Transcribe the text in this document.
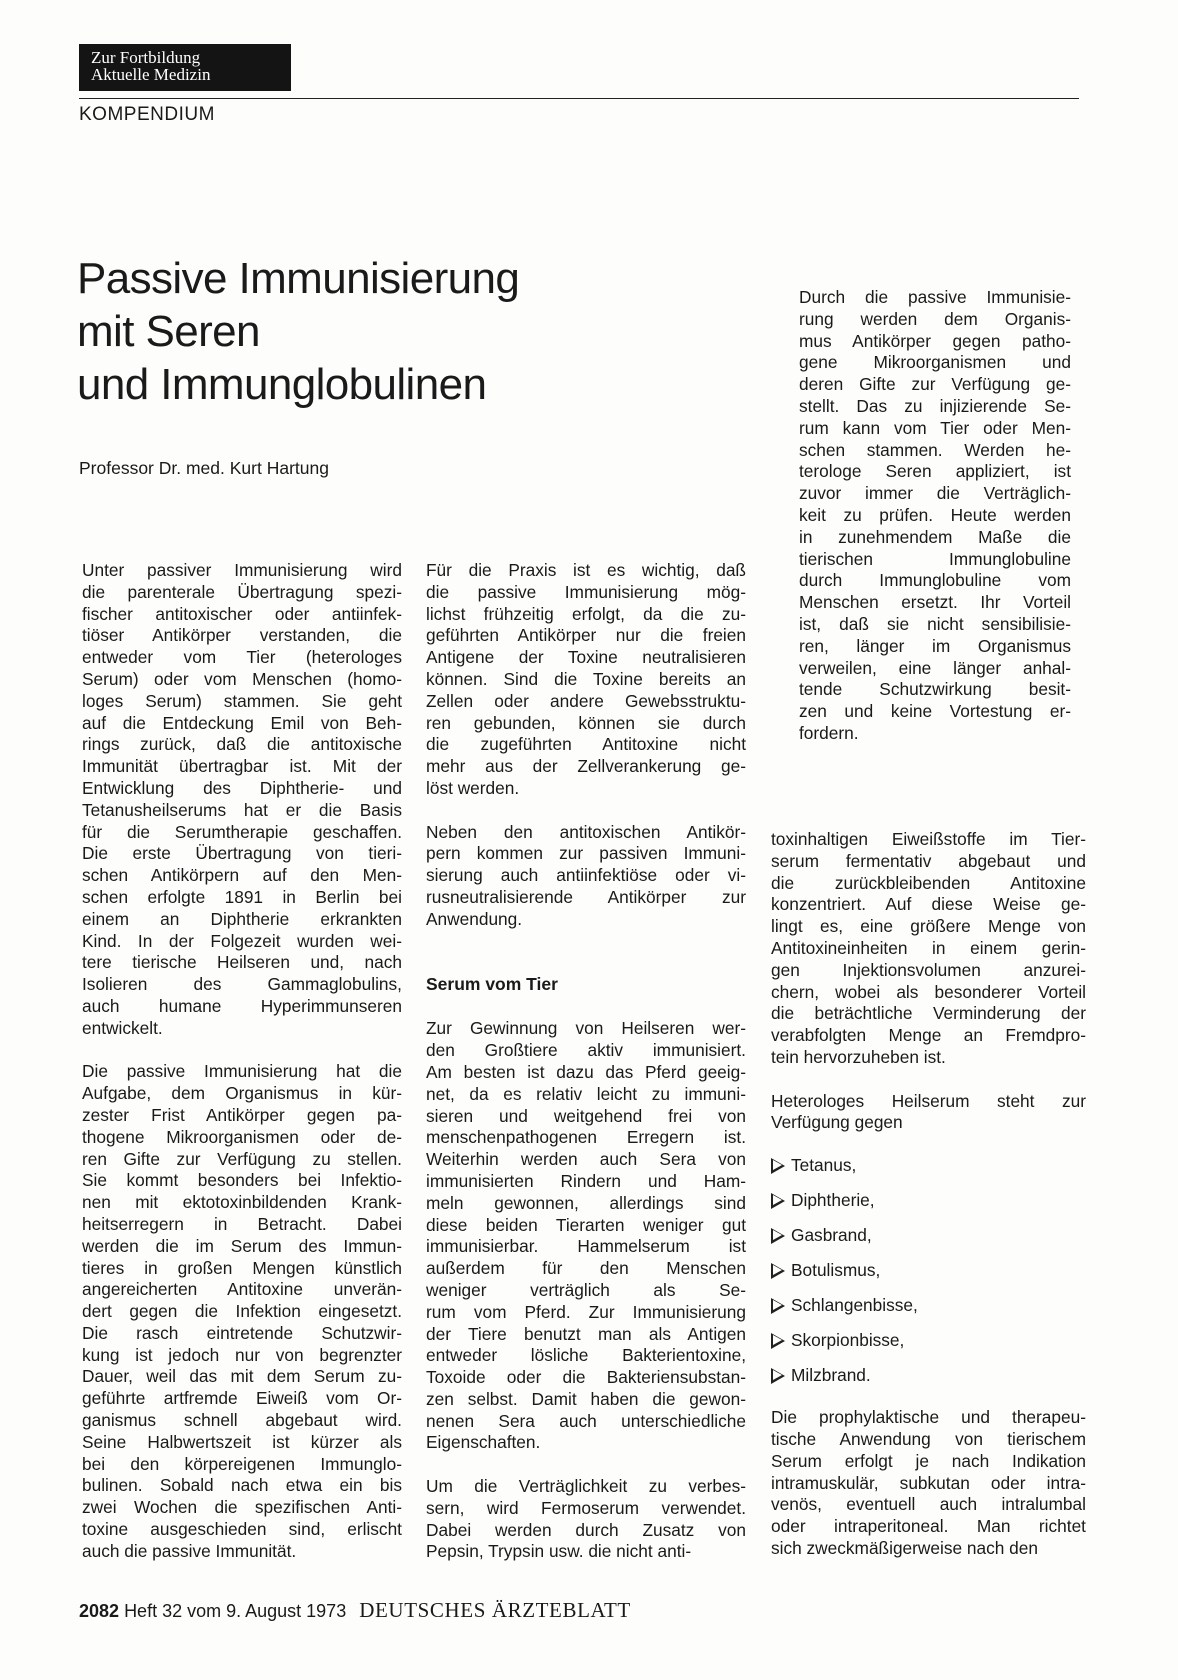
Zur Fortbildung
Aktuelle Medizin
KOMPENDIUM
Passive Immunisierung
mit Seren
und Immunglobulinen
Professor Dr. med. Kurt Hartung

Durch die passive Immunisie-
rung werden dem Organis-
mus Antikörper gegen patho-
gene Mikroorganismen und
deren Gifte zur Verfügung ge-
stellt. Das zu injizierende Se-
rum kann vom Tier oder Men-
schen stammen. Werden he-
terologe Seren appliziert, ist
zuvor immer die Verträglich-
keit zu prüfen. Heute werden
in zunehmendem Maße die
tierischen Immunglobuline
durch Immunglobuline vom
Menschen ersetzt. Ihr Vorteil
ist, daß sie nicht sensibilisie-
ren, länger im Organismus
verweilen, eine länger anhal-
tende Schutzwirkung besit-
zen und keine Vortestung er-
fordern.

Unter passiver Immunisierung wird
die parenterale Übertragung spezi-
fischer antitoxischer oder antiinfek-
tiöser Antikörper verstanden, die
entweder vom Tier (heterologes
Serum) oder vom Menschen (homo-
loges Serum) stammen. Sie geht
auf die Entdeckung Emil von Beh-
rings zurück, daß die antitoxische
Immunität übertragbar ist. Mit der
Entwicklung des Diphtherie- und
Tetanusheilserums hat er die Basis
für die Serumtherapie geschaffen.
Die erste Übertragung von tieri-
schen Antikörpern auf den Men-
schen erfolgte 1891 in Berlin bei
einem an Diphtherie erkrankten
Kind. In der Folgezeit wurden wei-
tere tierische Heilseren und, nach
Isolieren des Gammaglobulins,
auch humane Hyperimmunseren
entwickelt.

Die passive Immunisierung hat die
Aufgabe, dem Organismus in kür-
zester Frist Antikörper gegen pa-
thogene Mikroorganismen oder de-
ren Gifte zur Verfügung zu stellen.
Sie kommt besonders bei Infektio-
nen mit ektotoxinbildenden Krank-
heitserregern in Betracht. Dabei
werden die im Serum des Immun-
tieres in großen Mengen künstlich
angereicherten Antitoxine unverän-
dert gegen die Infektion eingesetzt.
Die rasch eintretende Schutzwir-
kung ist jedoch nur von begrenzter
Dauer, weil das mit dem Serum zu-
geführte artfremde Eiweiß vom Or-
ganismus schnell abgebaut wird.
Seine Halbwertszeit ist kürzer als
bei den körpereigenen Immunglo-
bulinen. Sobald nach etwa ein bis
zwei Wochen die spezifischen Anti-
toxine ausgeschieden sind, erlischt
auch die passive Immunität.

Für die Praxis ist es wichtig, daß
die passive Immunisierung mög-
lichst frühzeitig erfolgt, da die zu-
geführten Antikörper nur die freien
Antigene der Toxine neutralisieren
können. Sind die Toxine bereits an
Zellen oder andere Gewebsstruktu-
ren gebunden, können sie durch
die zugeführten Antitoxine nicht
mehr aus der Zellverankerung ge-
löst werden.

Neben den antitoxischen Antikör-
pern kommen zur passiven Immuni-
sierung auch antiinfektiöse oder vi-
rusneutralisierende Antikörper zur
Anwendung.

Serum vom Tier

Zur Gewinnung von Heilseren wer-
den Großtiere aktiv immunisiert.
Am besten ist dazu das Pferd geeig-
net, da es relativ leicht zu immuni-
sieren und weitgehend frei von
menschenpathogenen Erregern ist.
Weiterhin werden auch Sera von
immunisierten Rindern und Ham-
meln gewonnen, allerdings sind
diese beiden Tierarten weniger gut
immunisierbar. Hammelserum ist
außerdem für den Menschen
weniger verträglich als Se-
rum vom Pferd. Zur Immunisierung
der Tiere benutzt man als Antigen
entweder lösliche Bakterientoxine,
Toxoide oder die Bakteriensubstan-
zen selbst. Damit haben die gewon-
nenen Sera auch unterschiedliche
Eigenschaften.

Um die Verträglichkeit zu verbes-
sern, wird Fermoserum verwendet.
Dabei werden durch Zusatz von
Pepsin, Trypsin usw. die nicht anti-

toxinhaltigen Eiweißstoffe im Tier-
serum fermentativ abgebaut und
die zurückbleibenden Antitoxine
konzentriert. Auf diese Weise ge-
lingt es, eine größere Menge von
Antitoxineinheiten in einem gerin-
gen Injektionsvolumen anzurei-
chern, wobei als besonderer Vorteil
die beträchtliche Verminderung der
verabfolgten Menge an Fremdpro-
tein hervorzuheben ist.

Heterologes Heilserum steht zur
Verfügung gegen

Tetanus,
Diphtherie,
Gasbrand,
Botulismus,
Schlangenbisse,
Skorpionbisse,
Milzbrand.

Die prophylaktische und therapeu-
tische Anwendung von tierischem
Serum erfolgt je nach Indikation
intramuskulär, subkutan oder intra-
venös, eventuell auch intralumbal
oder intraperitoneal. Man richtet
sich zweckmäßigerweise nach den

2082 Heft 32 vom 9. August 1973 DEUTSCHES ÄRZTEBLATT
